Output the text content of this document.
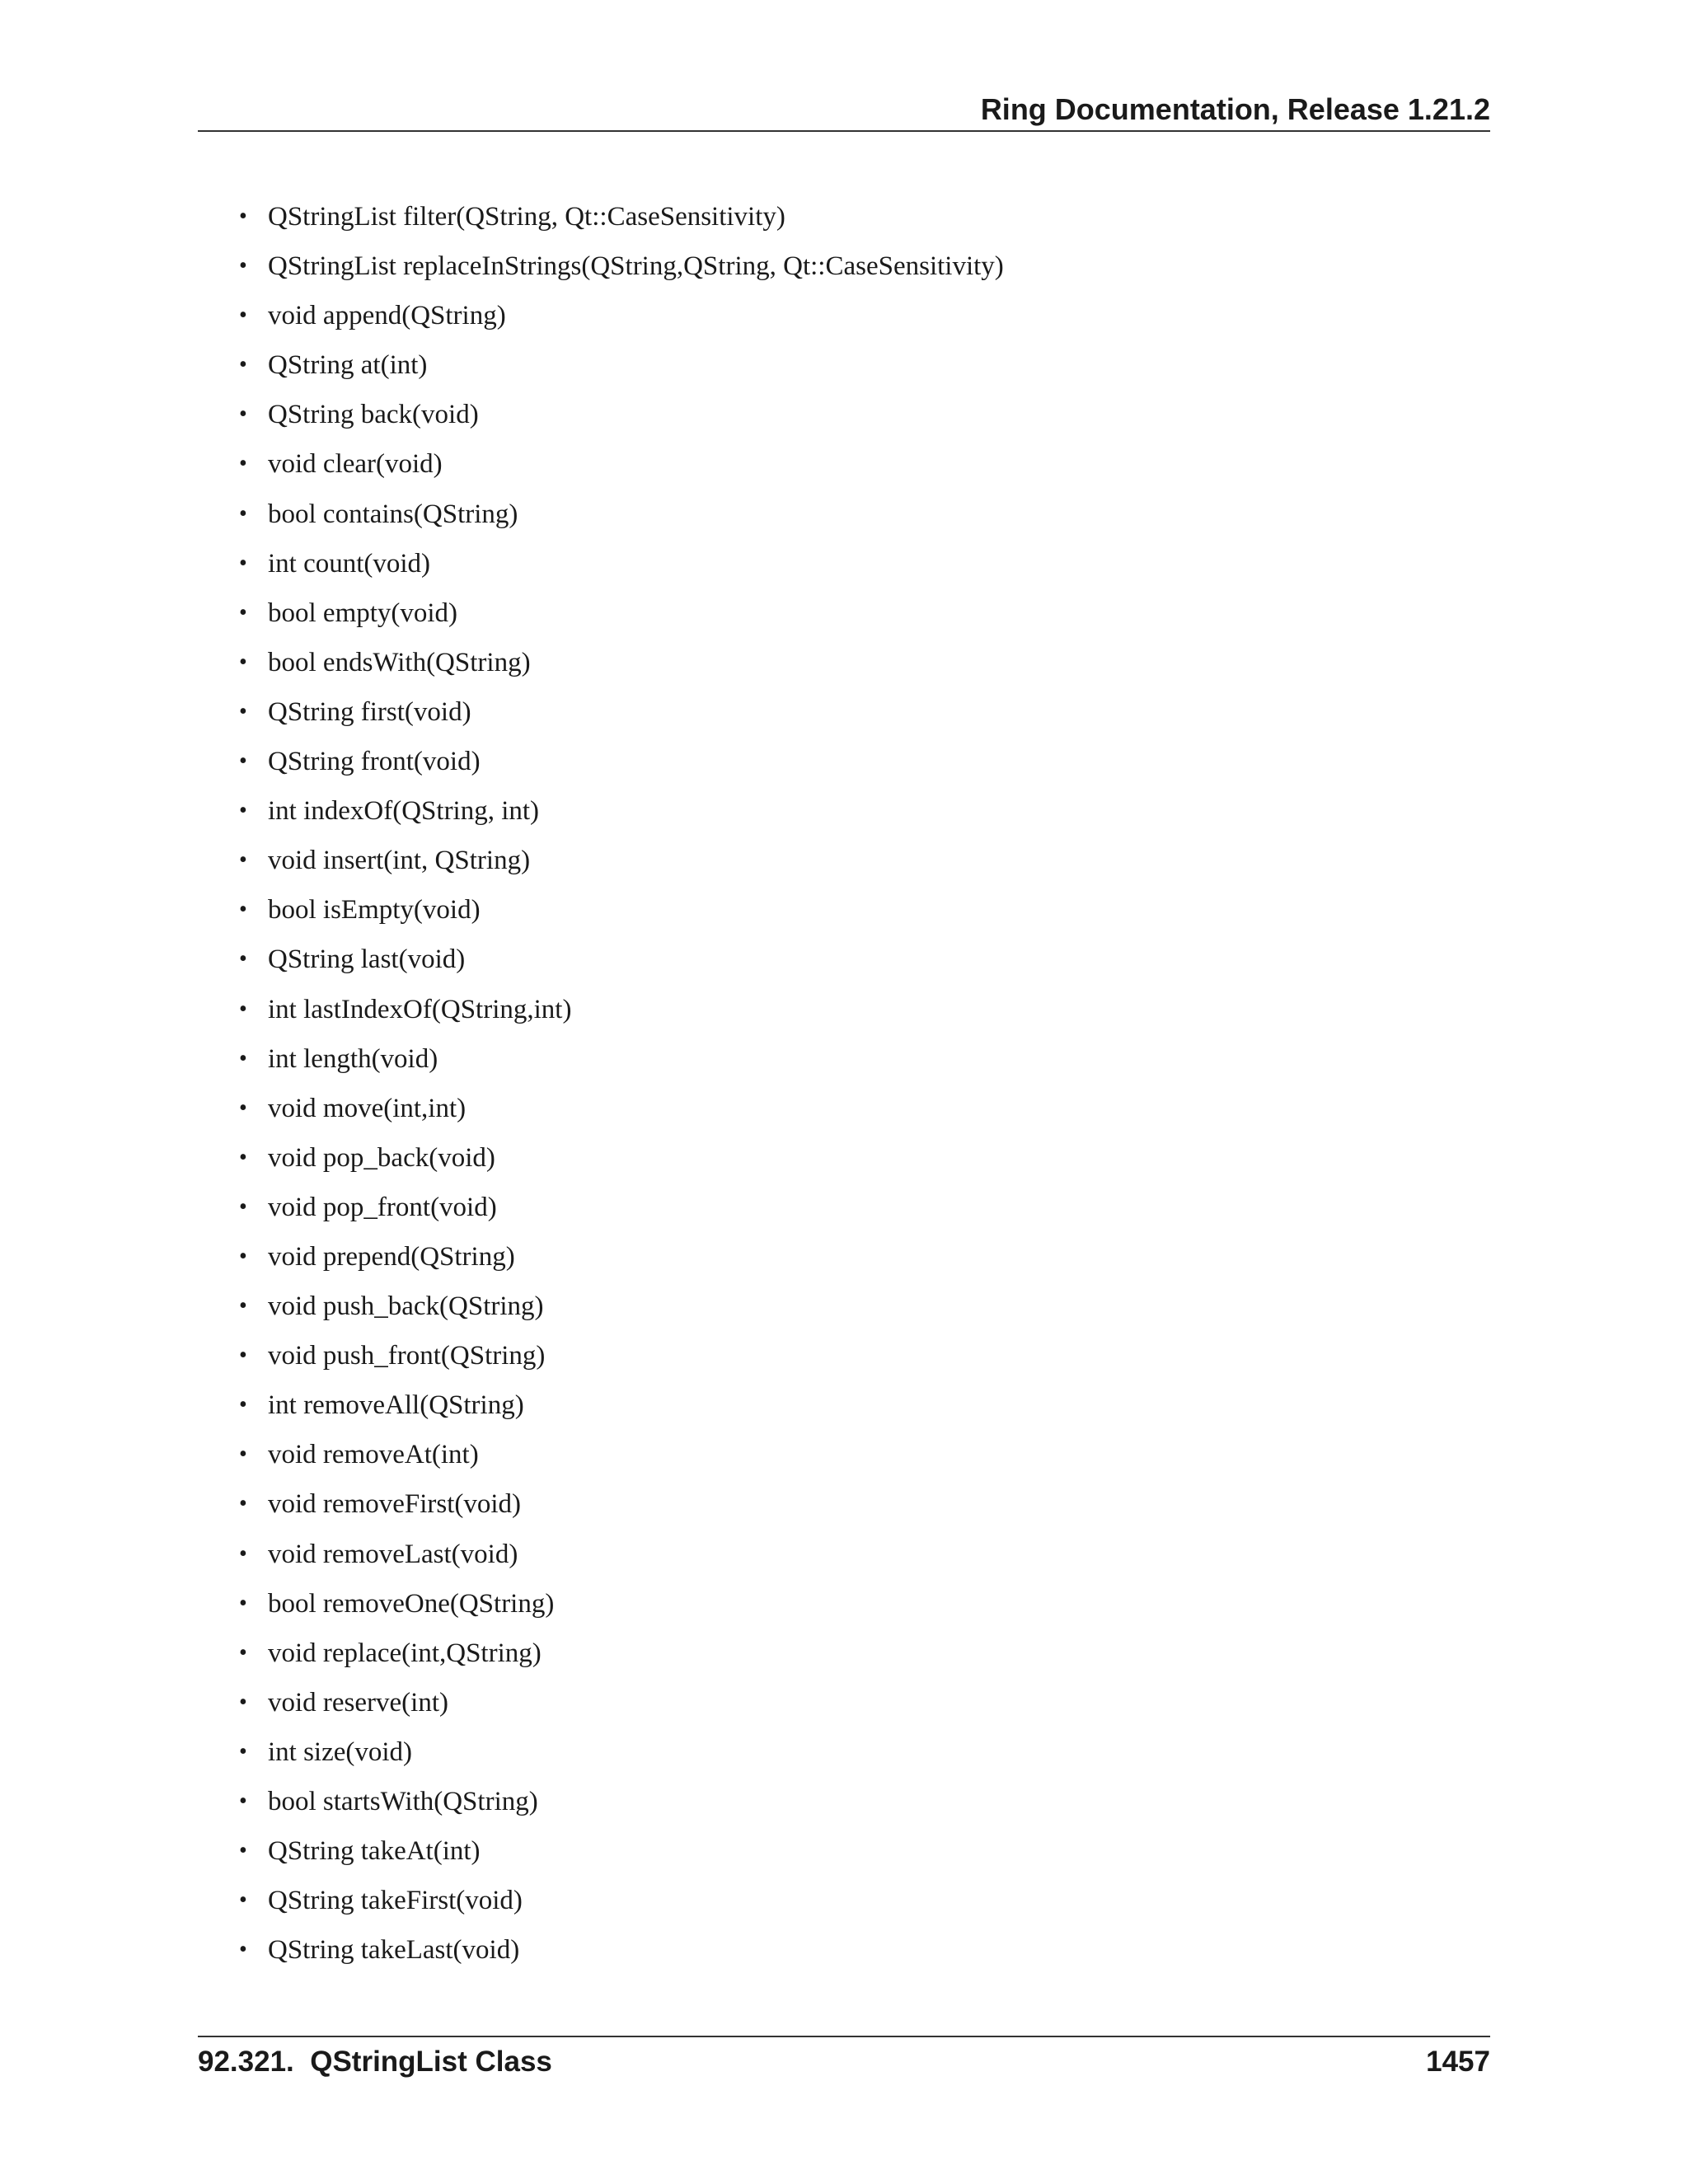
Ring Documentation, Release 1.21.2
• QStringList filter(QString, Qt::CaseSensitivity)
• QStringList replaceInStrings(QString,QString, Qt::CaseSensitivity)
• void append(QString)
• QString at(int)
• QString back(void)
• void clear(void)
• bool contains(QString)
• int count(void)
• bool empty(void)
• bool endsWith(QString)
• QString first(void)
• QString front(void)
• int indexOf(QString, int)
• void insert(int, QString)
• bool isEmpty(void)
• QString last(void)
• int lastIndexOf(QString,int)
• int length(void)
• void move(int,int)
• void pop_back(void)
• void pop_front(void)
• void prepend(QString)
• void push_back(QString)
• void push_front(QString)
• int removeAll(QString)
• void removeAt(int)
• void removeFirst(void)
• void removeLast(void)
• bool removeOne(QString)
• void replace(int,QString)
• void reserve(int)
• int size(void)
• bool startsWith(QString)
• QString takeAt(int)
• QString takeFirst(void)
• QString takeLast(void)
92.321.  QStringList Class	1457
